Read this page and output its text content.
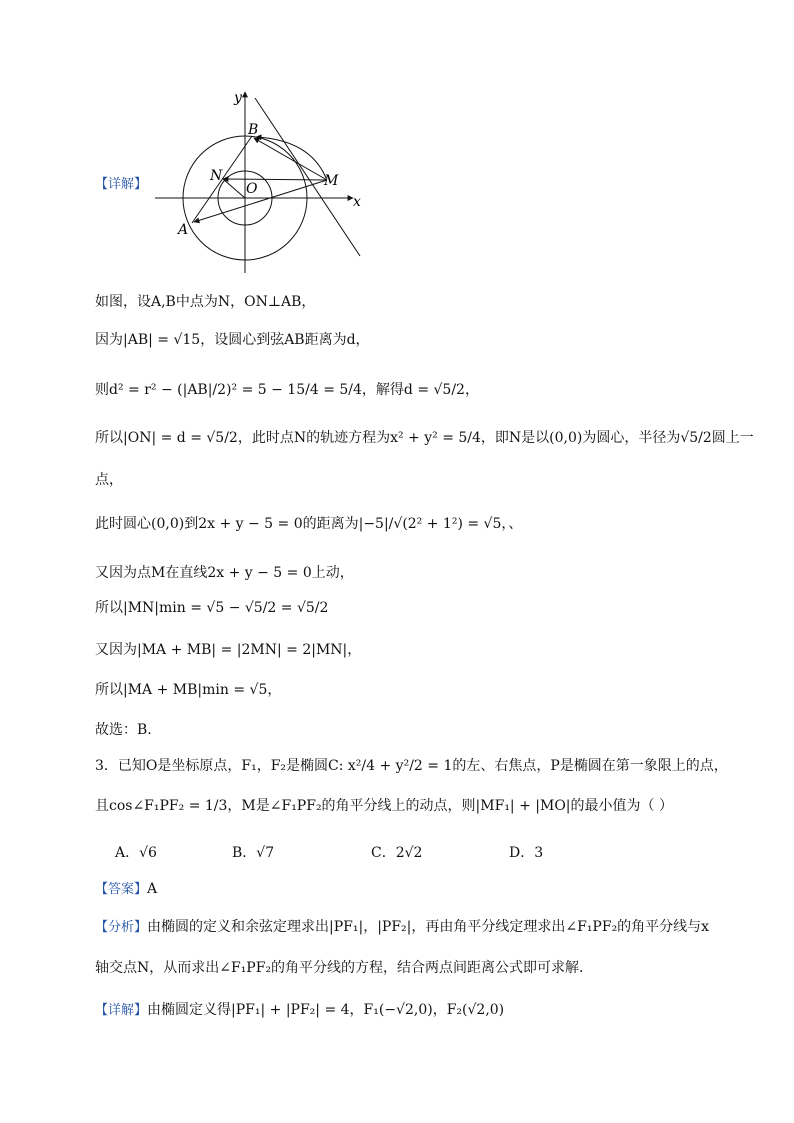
【详解】
y
x
B
N
O	M
A
如图，设A,B中点为N，ON⊥AB，
因为|AB| = √15，设圆心到弦AB距离为d，
则d² = r² − (|AB|/2)² = 5 − 15/4 = 5/4，解得d = √5/2，
所以|ON| = d = √5/2，此时点N的轨迹方程为x² + y² = 5/4，即N是以(0,0)为圆心，半径为√5/2圆上一
点，
此时圆心(0,0)到2x + y − 5 = 0的距离为|−5|/√(2² + 1²) = √5，、
又因为点M在直线2x + y − 5 = 0上动，
所以|MN|min = √5 − √5/2 = √5/2
又因为|MA + MB| = |2MN| = 2|MN|，
所以|MA + MB|min = √5，
故选：B.
3．已知O是坐标原点，F₁，F₂是椭圆C: x²/4 + y²/2 = 1的左、右焦点，P是椭圆在第一象限上的点，
且cos∠F₁PF₂ = 1/3，M是∠F₁PF₂的角平分线上的动点，则|MF₁| + |MO|的最小值为（ ）
A．√6	B．√7	C．2√2	D．3
【答案】A
【分析】由椭圆的定义和余弦定理求出|PF₁|，|PF₂|，再由角平分线定理求出∠F₁PF₂的角平分线与x
轴交点N，从而求出∠F₁PF₂的角平分线的方程，结合两点间距离公式即可求解.
【详解】由椭圆定义得|PF₁| + |PF₂| = 4，F₁(−√2,0)，F₂(√2,0)
